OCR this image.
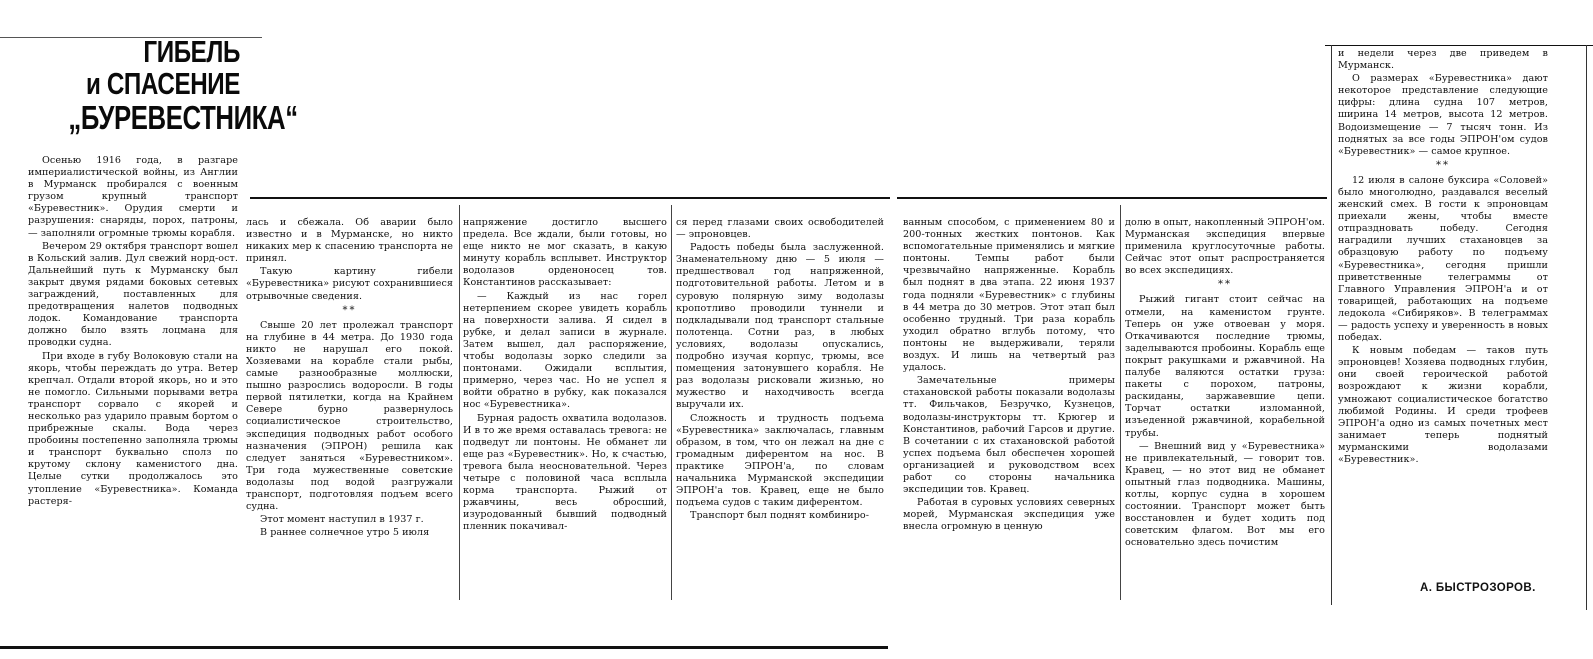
ГИБЕЛЬ
и СПАСЕНИЕ
„БУРЕВЕСТНИКА“

Осенью 1916 года, в разгаре империалистической войны, из Англии в Мурманск пробирался с военным грузом крупный транспорт «Буревестник». Орудия смерти и разрушения: снаряды, порох, патроны, — заполняли огромные трюмы корабля.

Вечером 29 октября транспорт вошел в Кольский залив. Дул свежий норд-ост. Дальнейший путь к Мурманску был закрыт двумя рядами боковых сетевых заграждений, поставленных для предотвращения налетов подводных лодок. Командование транспорта должно было взять лоцмана для проводки судна.

При входе в губу Волоковую стали на якорь, чтобы переждать до утра. Ветер крепчал. Отдали второй якорь, но и это не помогло. Сильными порывами ветра транспорт сорвало с якорей и несколько раз ударило правым бортом о прибрежные скалы. Вода через пробоины постепенно заполняла трюмы и транспорт буквально сполз по крутому склону каменистого дна. Целые сутки продолжалось это утопление «Буревестника». Команда растеря-

лась и сбежала. Об аварии было известно и в Мурманске, но никто никаких мер к спасению транспорта не принял.

Такую картину гибели «Буревестника» рисуют сохранившиеся отрывочные сведения.

**

Свыше 20 лет пролежал транспорт на глубине в 44 метра. До 1930 года никто не нарушал его покой. Хозяевами на корабле стали рыбы, самые разнообразные моллюски, пышно разрослись водоросли. В годы первой пятилетки, когда на Крайнем Севере бурно развернулось социалистическое строительство, экспедиция подводных работ особого назначения (ЭПРОН) решила как следует заняться «Буревестником». Три года мужественные советские водолазы под водой разгружали транспорт, подготовляя подъем всего судна.

Этот момент наступил в 1937 г.

В раннее солнечное утро 5 июля

напряжение достигло высшего предела. Все ждали, были готовы, но еще никто не мог сказать, в какую минуту корабль всплывет. Инструктор водолазов орденоносец тов. Константинов рассказывает:

— Каждый из нас горел нетерпением скорее увидеть корабль на поверхности залива. Я сидел в рубке, и делал записи в журнале. Затем вышел, дал распоряжение, чтобы водолазы зорко следили за понтонами. Ожидали всплытия, примерно, через час. Но не успел я войти обратно в рубку, как показался нос «Буревестника».

Бурная радость охватила водолазов. И в то же время оставалась тревога: не подведут ли понтоны. Не обманет ли еще раз «Буревестник». Но, к счастью, тревога была неосновательной. Через четыре с половиной часа всплыла корма транспорта. Рыжий от ржавчины, весь обросший, изуродованный бывший подводный пленник покачивал-

ся перед глазами своих освободителей — эпроновцев.

Радость победы была заслуженной. Знаменательному дню — 5 июля — предшествовал год напряженной, подготовительной работы. Летом и в суровую полярную зиму водолазы кропотливо проводили туннели и подкладывали под транспорт стальные полотенца. Сотни раз, в любых условиях, водолазы опускались, подробно изучая корпус, трюмы, все помещения затонувшего корабля. Не раз водолазы рисковали жизнью, но мужество и находчивость всегда выручали их.

Сложность и трудность подъема «Буревестника» заключалась, главным образом, в том, что он лежал на дне с громадным диферентом на нос. В практике ЭПРОН'а, по словам начальника Мурманской экспедиции ЭПРОН'а тов. Кравец, еще не было подъема судов с таким диферентом.

Транспорт был поднят комбиниро-

ванным способом, с применением 80 и 200-тонных жестких понтонов. Как вспомогательные применялись и мягкие понтоны. Темпы работ были чрезвычайно напряженные. Корабль был поднят в два этапа. 22 июня 1937 года подняли «Буревестник» с глубины в 44 метра до 30 метров. Этот этап был особенно трудный. Три раза корабль уходил обратно вглубь потому, что понтоны не выдерживали, теряли воздух. И лишь на четвертый раз удалось.

Замечательные примеры стахановской работы показали водолазы тт. Фильчаков, Безручко, Кузнецов, водолазы-инструкторы тт. Крюгер и Константинов, рабочий Гарсов и другие. В сочетании с их стахановской работой успех подъема был обеспечен хорошей организацией и руководством всех работ со стороны начальника экспедиции тов. Кравец.

Работая в суровых условиях северных морей, Мурманская экспедиция уже внесла огромную в ценную

долю в опыт, накопленный ЭПРОН'ом. Мурманская экспедиция впервые применила круглосуточные работы. Сейчас этот опыт распространяется во всех экспедициях.

**

Рыжий гигант стоит сейчас на отмели, на каменистом грунте. Теперь он уже отвоеван у моря. Откачиваются последние трюмы, заделываются пробоины. Корабль еще покрыт ракушками и ржавчиной. На палубе валяются остатки груза: пакеты с порохом, патроны, раскиданы, заржавевшие цепи. Торчат остатки изломанной, изъеденной ржавчиной, корабельной трубы.

— Внешний вид у «Буревестника» не привлекательный, — говорит тов. Кравец, — но этот вид не обманет опытный глаз подводника. Машины, котлы, корпус судна в хорошем состоянии. Транспорт может быть восстановлен и будет ходить под советским флагом. Вот мы его основательно здесь почистим

и недели через две приведем в Мурманск.

О размерах «Буревестника» дают некоторое представление следующие цифры: длина судна 107 метров, ширина 14 метров, высота 12 метров. Водоизмещение — 7 тысяч тонн. Из поднятых за все годы ЭПРОН'ом судов «Буревестник» — самое крупное.

**

12 июля в салоне буксира «Соловей» было многолюдно, раздавался веселый женский смех. В гости к эпроновцам приехали жены, чтобы вместе отпраздновать победу. Сегодня наградили лучших стахановцев за образцовую работу по подъему «Буревестника», сегодня пришли приветственные телеграммы от Главного Управления ЭПРОН'а и от товарищей, работающих на подъеме ледокола «Сибиряков». В телеграммах — радость успеху и уверенность в новых победах.

К новым победам — таков путь эпроновцев! Хозяева подводных глубин, они своей героической работой возрождают к жизни корабли, умножают социалистическое богатство любимой Родины. И среди трофеев ЭПРОН'а одно из самых почетных мест занимает теперь поднятый мурманскими водолазами «Буревестник».

А. БЫСТРОЗОРОВ.
